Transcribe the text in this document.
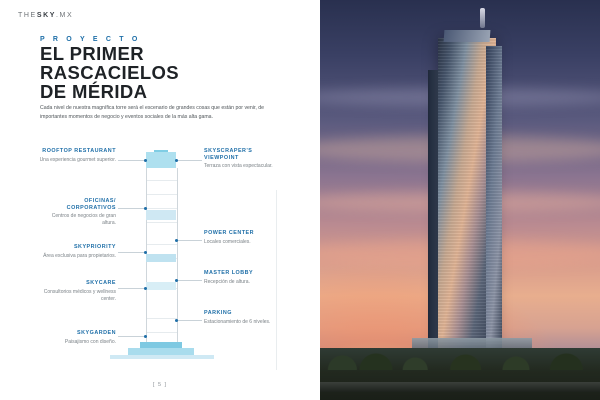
THESKY.MX
P R O Y E C T O
EL PRIMER
RASCACIELOS
DE MÉRIDA
Cada nivel de nuestra magnífica torre será el escenario de grandes cosas que están por venir, de importantes momentos de negocio y eventos sociales de la más alta gama.
ROOFTOP RESTAURANT
Una experiencia gourmet superior.
OFICINAS/ CORPORATIVOS
Centros de negocios de gran altura.
SKYPRIORITY
Área exclusiva para propietarios.
SKYCARE
Consultorios médicos y wellness center.
SKYGARDEN
Paisajismo con diseño.
SKYSCRAPER'S VIEWPOINT
Terraza con vista espectacular.
POWER CENTER
Locales comerciales.
MASTER LOBBY
Recepción de altura.
PARKING
Estacionamiento de 6 niveles.
[ 5 ]
